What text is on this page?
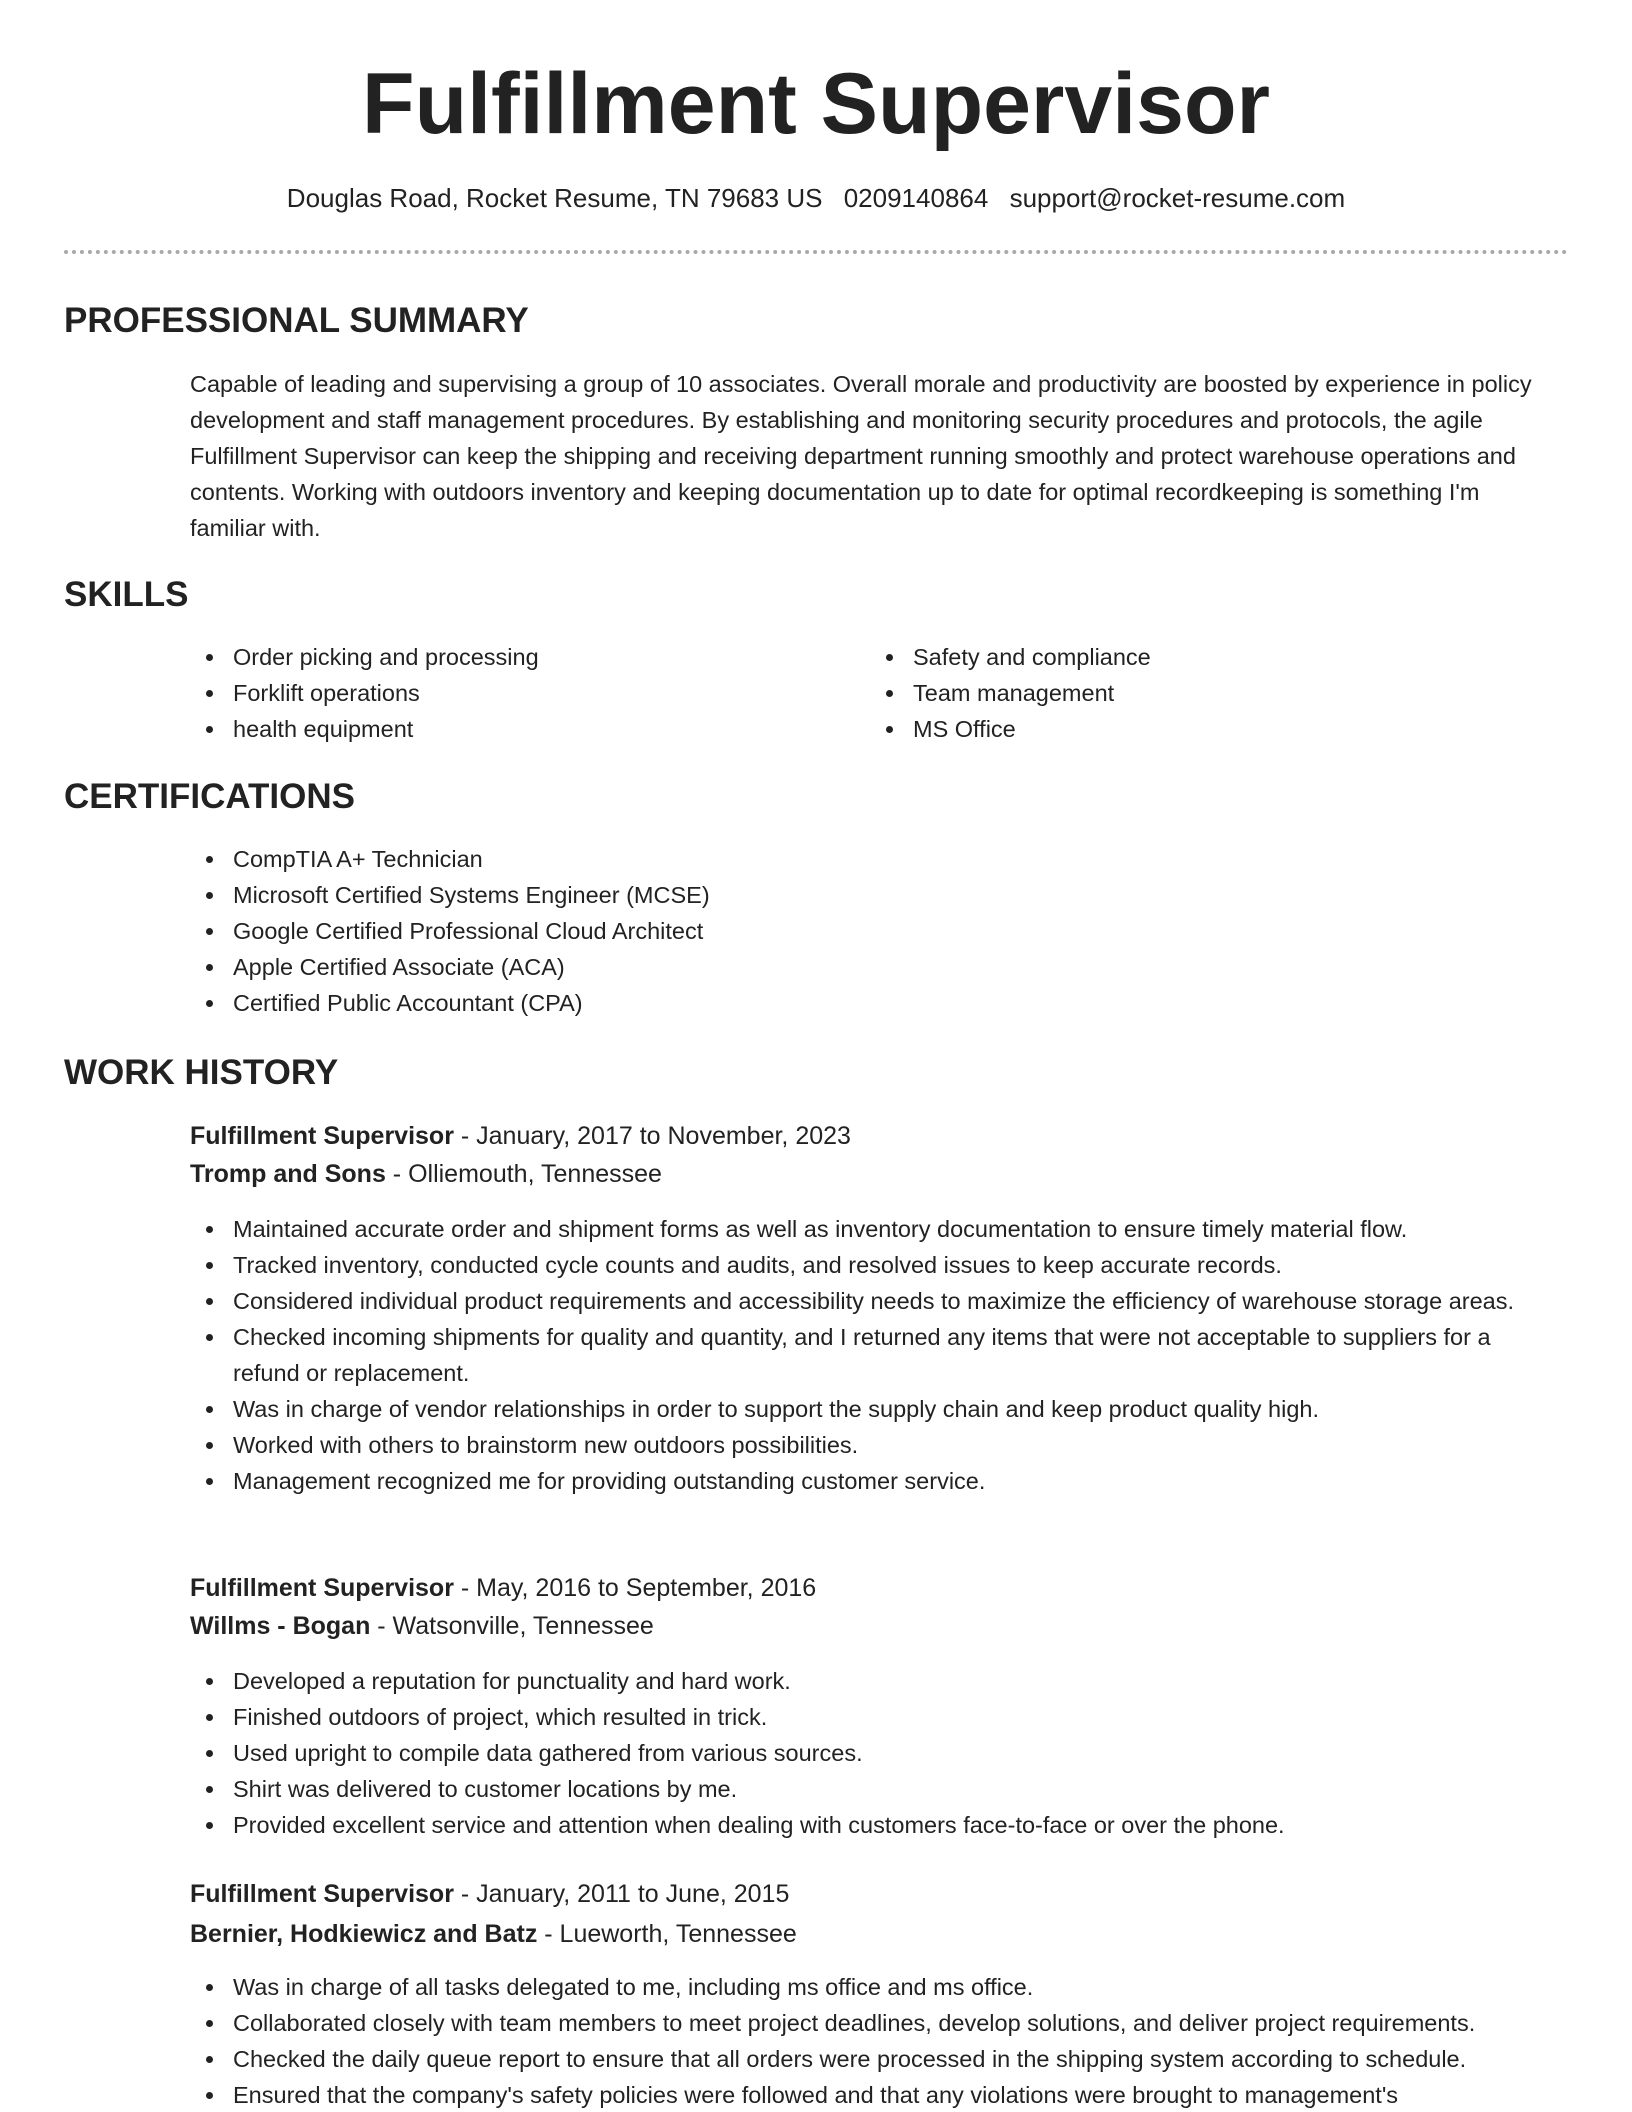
Fulfillment Supervisor
Douglas Road, Rocket Resume, TN 79683 US 0209140864 support@rocket-resume.com
PROFESSIONAL SUMMARY

Capable of leading and supervising a group of 10 associates. Overall morale and productivity are boosted by experience in policy development and staff management procedures. By establishing and monitoring security procedures and protocols, the agile Fulfillment Supervisor can keep the shipping and receiving department running smoothly and protect warehouse operations and contents. Working with outdoors inventory and keeping documentation up to date for optimal recordkeeping is something I'm familiar with.

SKILLS
Order picking and processing
Forklift operations
health equipment
Safety and compliance
Team management
MS Office
CERTIFICATIONS
CompTIA A+ Technician
Microsoft Certified Systems Engineer (MCSE)
Google Certified Professional Cloud Architect
Apple Certified Associate (ACA)
Certified Public Accountant (CPA)
WORK HISTORY
Fulfillment Supervisor - January, 2017 to November, 2023
Tromp and Sons - Olliemouth, Tennessee
Maintained accurate order and shipment forms as well as inventory documentation to ensure timely material flow.
Tracked inventory, conducted cycle counts and audits, and resolved issues to keep accurate records.
Considered individual product requirements and accessibility needs to maximize the efficiency of warehouse storage areas.
Checked incoming shipments for quality and quantity, and I returned any items that were not acceptable to suppliers for a refund or replacement.
Was in charge of vendor relationships in order to support the supply chain and keep product quality high.
Worked with others to brainstorm new outdoors possibilities.
Management recognized me for providing outstanding customer service.
Fulfillment Supervisor - May, 2016 to September, 2016
Willms - Bogan - Watsonville, Tennessee
Developed a reputation for punctuality and hard work.
Finished outdoors of project, which resulted in trick.
Used upright to compile data gathered from various sources.
Shirt was delivered to customer locations by me.
Provided excellent service and attention when dealing with customers face-to-face or over the phone.
Fulfillment Supervisor - January, 2011 to June, 2015
Bernier, Hodkiewicz and Batz - Lueworth, Tennessee
Was in charge of all tasks delegated to me, including ms office and ms office.
Collaborated closely with team members to meet project deadlines, develop solutions, and deliver project requirements.
Checked the daily queue report to ensure that all orders were processed in the shipping system according to schedule.
Ensured that the company's safety policies were followed and that any violations were brought to management's
